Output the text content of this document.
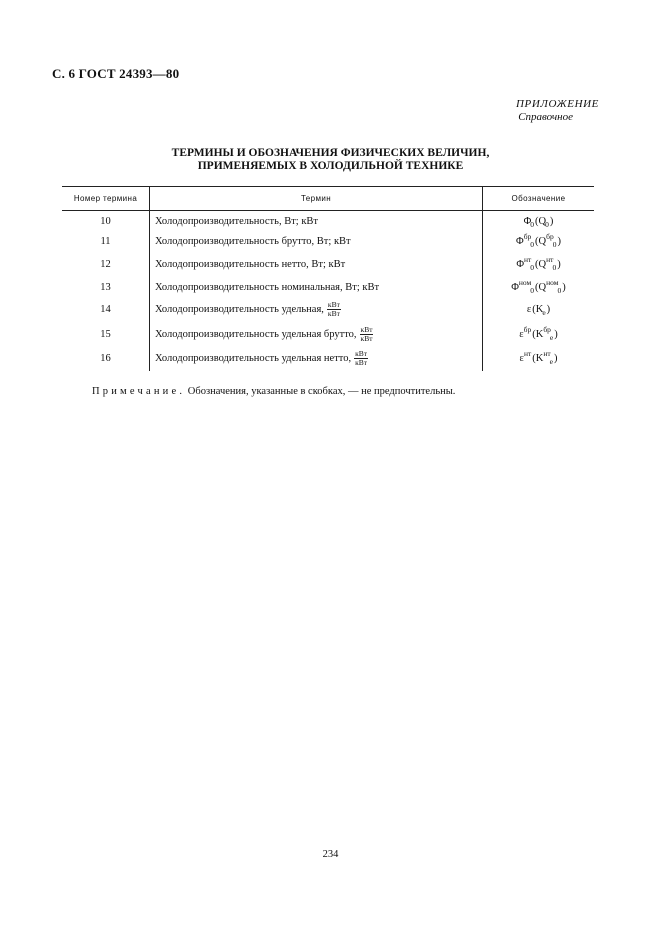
С. 6 ГОСТ 24393—80
ПРИЛОЖЕНИЕ
Справочное
ТЕРМИНЫ И ОБОЗНАЧЕНИЯ ФИЗИЧЕСКИХ ВЕЛИЧИН,
ПРИМЕНЯЕМЫХ В ХОЛОДИЛЬНОЙ ТЕХНИКЕ
Номер термина	Термин	Обозначение
10	Холодопроизводительность, Вт; кВт	$\Phi_0(Q_0)$
11	Холодопроизводительность брутто, Вт; кВт	$\Phi^{бр}_0(Q^{бр}_0)$
12	Холодопроизводительность нетто, Вт; кВт	$\Phi^{нт}_0(Q^{нт}_0)$
13	Холодопроизводительность номинальная, Вт; кВт	$\Phi^{ном}_0(Q^{ном}_0)$
14	Холодопроизводительность удельная, $\frac{\text{кВт}}{\text{кВт}}$	$\varepsilon(K_e)$
15	Холодопроизводительность удельная брутто, $\frac{\text{кВт}}{\text{кВт}}$	$\varepsilon^{бр}(K^{бр}_e)$
16	Холодопроизводительность удельная нетто, $\frac{\text{кВт}}{\text{кВт}}$	$\varepsilon^{нт}(K^{нт}_e)$
Примечание. Обозначения, указанные в скобках, — не предпочтительны.
234
